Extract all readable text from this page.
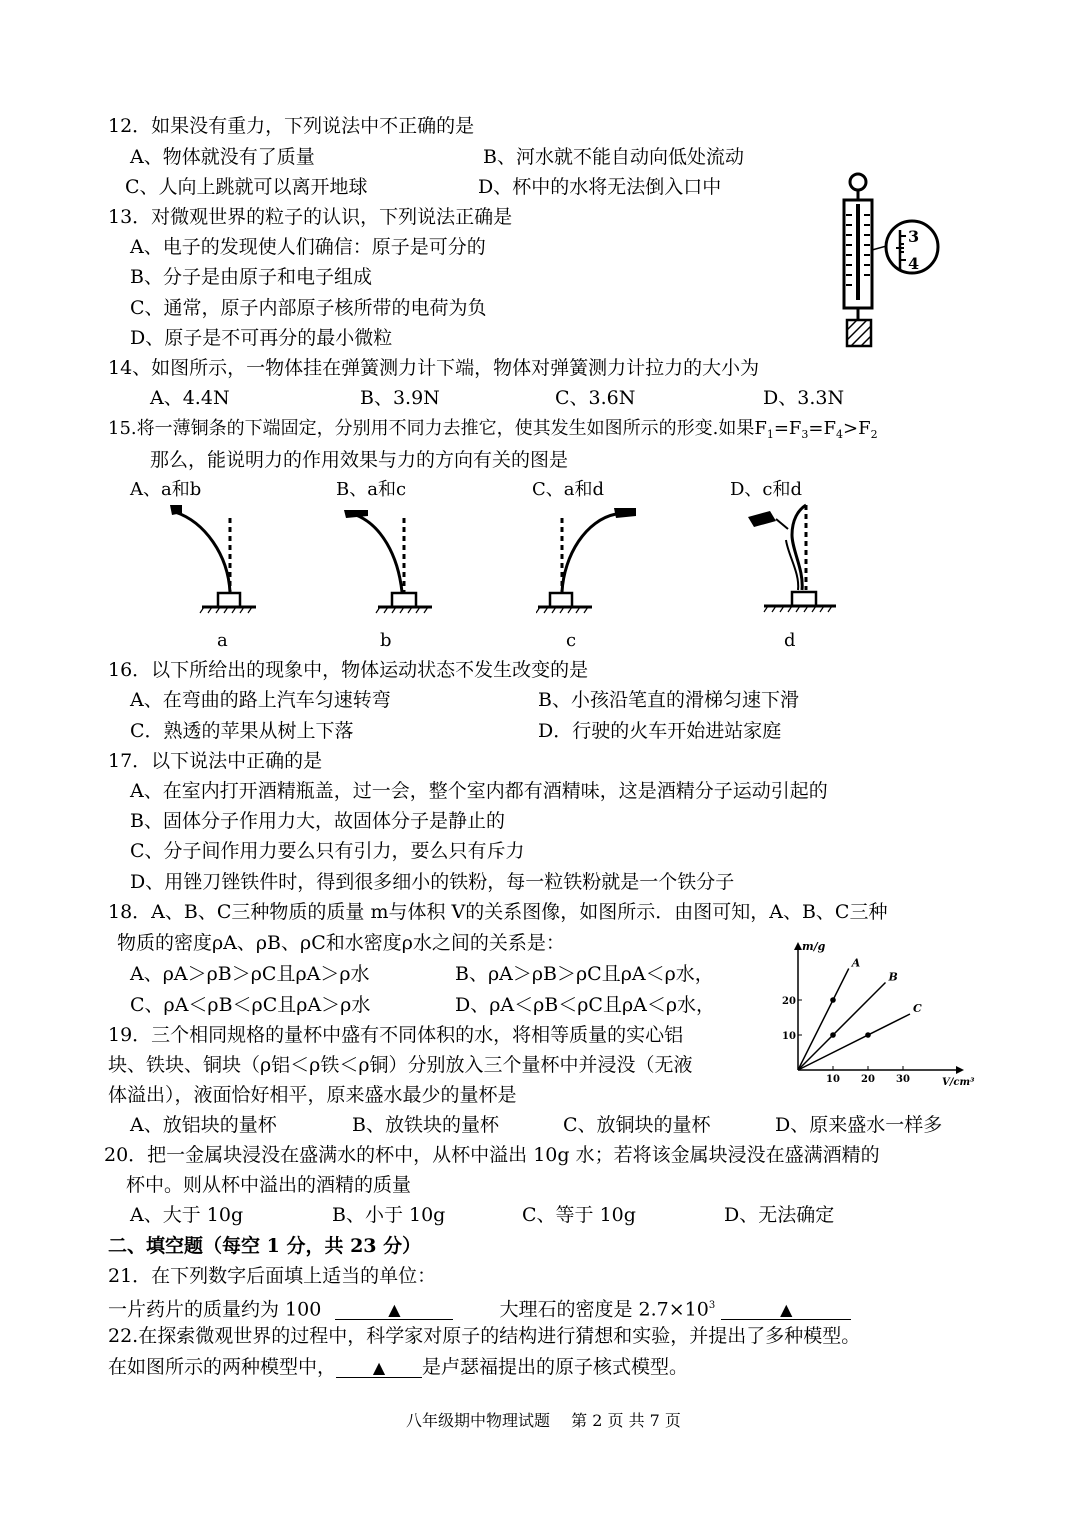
12．如果没有重力，下列说法中不正确的是
A、物体就没有了质量	B、河水就不能自动向低处流动
C、人向上跳就可以离开地球	D、杯中的水将无法倒入口中
13．对微观世界的粒子的认识，下列说法正确是
A、电子的发现使人们确信：原子是可分的
B、分子是由原子和电子组成
C、通常，原子内部原子核所带的电荷为负
D、原子是不可再分的最小微粒
3
4
14、如图所示，一物体挂在弹簧测力计下端，物体对弹簧测力计拉力的大小为
A、4.4N	B、3.9N	C、3.6N	D、3.3N
15.将一薄铜条的下端固定，分别用不同力去推它，使其发生如图所示的形变.如果$F_1=F_3=F_4>F_2$
那么，能说明力的作用效果与力的方向有关的图是
A、a和b	B、a和c	C、a和d	D、c和d
a	b	c	d
16．以下所给出的现象中，物体运动状态不发生改变的是
A、在弯曲的路上汽车匀速转弯	B、小孩沿笔直的滑梯匀速下滑
C．熟透的苹果从树上下落	D．行驶的火车开始进站家庭
17．以下说法中正确的是
A、在室内打开酒精瓶盖，过一会，整个室内都有酒精味，这是酒精分子运动引起的
B、固体分子作用力大，故固体分子是静止的
C、分子间作用力要么只有引力，要么只有斥力
D、用锉刀锉铁件时，得到很多细小的铁粉，每一粒铁粉就是一个铁分子
18．A、B、C三种物质的质量 m与体积 V的关系图像，如图所示．由图可知，A、B、C三种
物质的密度ρA、ρB、ρC和水密度ρ水之间的关系是：
A、ρA＞ρB＞ρC且ρA＞ρ水	B、ρA＞ρB＞ρC且ρA＜ρ水，
C、ρA＜ρB＜ρC且ρA＞ρ水	D、ρA＜ρB＜ρC且ρA＜ρ水，
m/g
V/cm³
10 20 30
10
20
A
B
C
19．三个相同规格的量杯中盛有不同体积的水，将相等质量的实心铝
块、铁块、铜块（ρ铝＜ρ铁＜ρ铜）分别放入三个量杯中并浸没（无液
体溢出），液面恰好相平，原来盛水最少的量杯是
A、放铝块的量杯	B、放铁块的量杯	C、放铜块的量杯	D、原来盛水一样多
20．把一金属块浸没在盛满水的杯中，从杯中溢出 10g 水；若将该金属块浸没在盛满酒精的
杯中。则从杯中溢出的酒精的质量
A、大于 10g	B、小于 10g	C、等于 10g	D、无法确定
二、填空题（每空 1 分，共 23 分）
21．在下列数字后面填上适当的单位：
一片药片的质量约为 100	▲	大理石的密度是 $2.7\times 10^3$	▲
22.在探索微观世界的过程中，科学家对原子的结构进行猜想和实验，并提出了多种模型。
在如图所示的两种模型中， ▲ 是卢瑟福提出的原子核式模型。
八年级期中物理试题　 第 2 页 共 7 页
